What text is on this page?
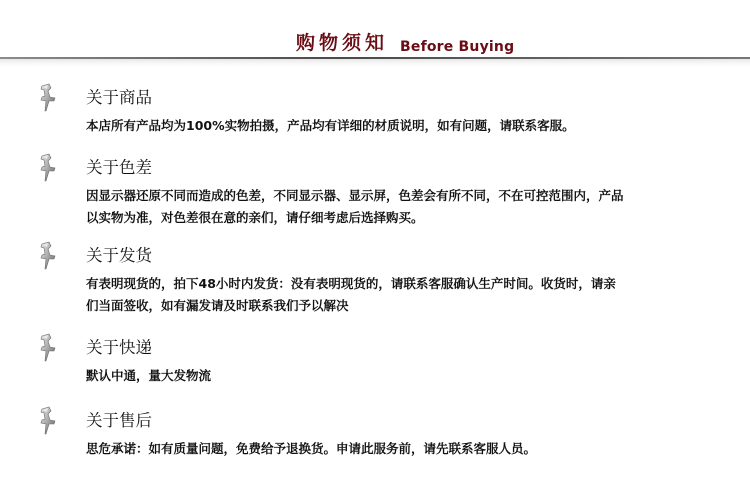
购物须知 Before Buying
关于商品

本店所有产品均为100%实物拍摄，产品均有详细的材质说明，如有问题，请联系客服。

关于色差

因显示器还原不同而造成的色差，不同显示器、显示屏，色差会有所不同，不在可控范围内，产品以实物为准，对色差很在意的亲们，请仔细考虑后选择购买。

关于发货

有表明现货的，拍下48小时内发货：没有表明现货的，请联系客服确认生产时间。收货时，请亲们当面签收，如有漏发请及时联系我们予以解决

关于快递

默认中通，量大发物流

关于售后

思危承诺：如有质量问题，免费给予退换货。申请此服务前，请先联系客服人员。
